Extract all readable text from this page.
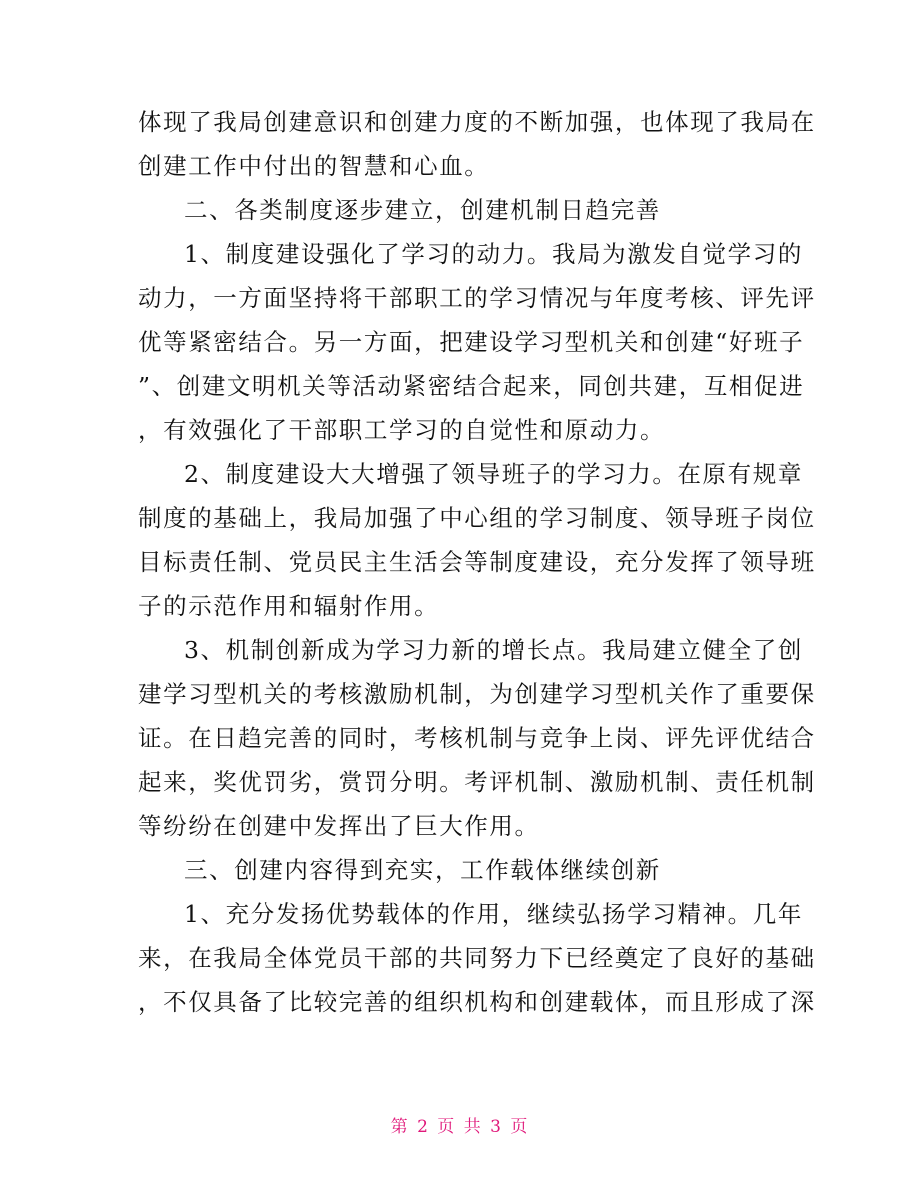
体现了我局创建意识和创建力度的不断加强，也体现了我局在
创建工作中付出的智慧和心血。
二、各类制度逐步建立，创建机制日趋完善
1、制度建设强化了学习的动力。我局为激发自觉学习的
动力，一方面坚持将干部职工的学习情况与年度考核、评先评
优等紧密结合。另一方面，把建设学习型机关和创建“好班子
”、创建文明机关等活动紧密结合起来，同创共建，互相促进
，有效强化了干部职工学习的自觉性和原动力。
2、制度建设大大增强了领导班子的学习力。在原有规章
制度的基础上，我局加强了中心组的学习制度、领导班子岗位
目标责任制、党员民主生活会等制度建设，充分发挥了领导班
子的示范作用和辐射作用。
3、机制创新成为学习力新的增长点。我局建立健全了创
建学习型机关的考核激励机制，为创建学习型机关作了重要保
证。在日趋完善的同时，考核机制与竞争上岗、评先评优结合
起来，奖优罚劣，赏罚分明。考评机制、激励机制、责任机制
等纷纷在创建中发挥出了巨大作用。
三、创建内容得到充实，工作载体继续创新
1、充分发扬优势载体的作用，继续弘扬学习精神。几年
来，在我局全体党员干部的共同努力下已经奠定了良好的基础
，不仅具备了比较完善的组织机构和创建载体，而且形成了深
第 2 页 共 3 页
